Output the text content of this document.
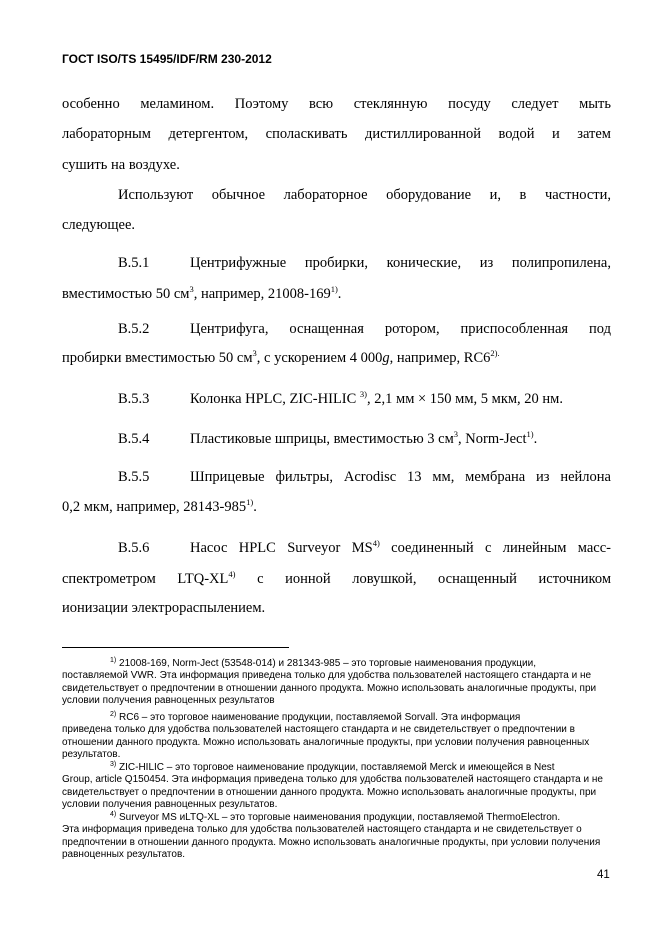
ГОСТ ISO/TS 15495/IDF/RM 230-2012
особенно меламином. Поэтому всю стеклянную посуду следует мыть
лабораторным детергентом, споласкивать дистиллированной водой и затем
сушить на воздухе.
Используют обычное лабораторное оборудование и, в частности,
следующее.
B.5.1	Центрифужные пробирки, конические, из полипропилена,
вместимостью 50 $см^3$, например, 21008-169$^{1)}$.
B.5.2	Центрифуга, оснащенная ротором, приспособленная под
пробирки вместимостью 50 $см^3$, с ускорением 4 000g, например, $RC6^{2).}$
B.5.3	Колонка HPLC, ZIC-HILIC $^{3)}$, 2,1 мм × 150 мм, 5 мкм, 20 нм.
B.5.4	Пластиковые шприцы, вместимостью 3 $см^3$, Norm-Ject$^{1)}$.
B.5.5	Шприцевые фильтры, Acrodisc 13 мм, мембрана из нейлона
0,2 мкм, например, 28143-985$^{1)}$.
B.5.6	Насос HPLC Surveyor MS$^{4)}$ соединенный с линейным масс-
спектрометром LTQ-XL$^{4)}$ с ионной ловушкой, оснащенный источником
ионизации электрораспылением.
$^{1)}$ 21008-169, Norm-Ject (53548-014) и 281343-985 – это торговые наименования продукции,
поставляемой VWR. Эта информация приведена только для удобства пользователей настоящего стандарта и не свидетельствует о предпочтении в отношении данного продукта. Можно использовать аналогичные продукты, при условии получения равноценных результатов
$^{2)}$ RC6 – это торговое наименование продукции, поставляемой Sorvall. Эта информация
приведена только для удобства пользователей настоящего стандарта и не свидетельствует о предпочтении в отношении данного продукта. Можно использовать аналогичные продукты, при условии получения равноценных результатов.
$^{3)}$ ZIC-HILIC – это торговое наименование продукции, поставляемой Merck и имеющейся в Nest
Group, article Q150454. Эта информация приведена только для удобства пользователей настоящего стандарта и не свидетельствует о предпочтении в отношении данного продукта. Можно использовать аналогичные продукты, при условии получения равноценных результатов.
$^{4)}$ Surveyor MS иLTQ-XL – это торговые наименования продукции, поставляемой ThermoElectron.
Эта информация приведена только для удобства пользователей настоящего стандарта и не свидетельствует о предпочтении в отношении данного продукта. Можно использовать аналогичные продукты, при условии получения равноценных результатов.
41
